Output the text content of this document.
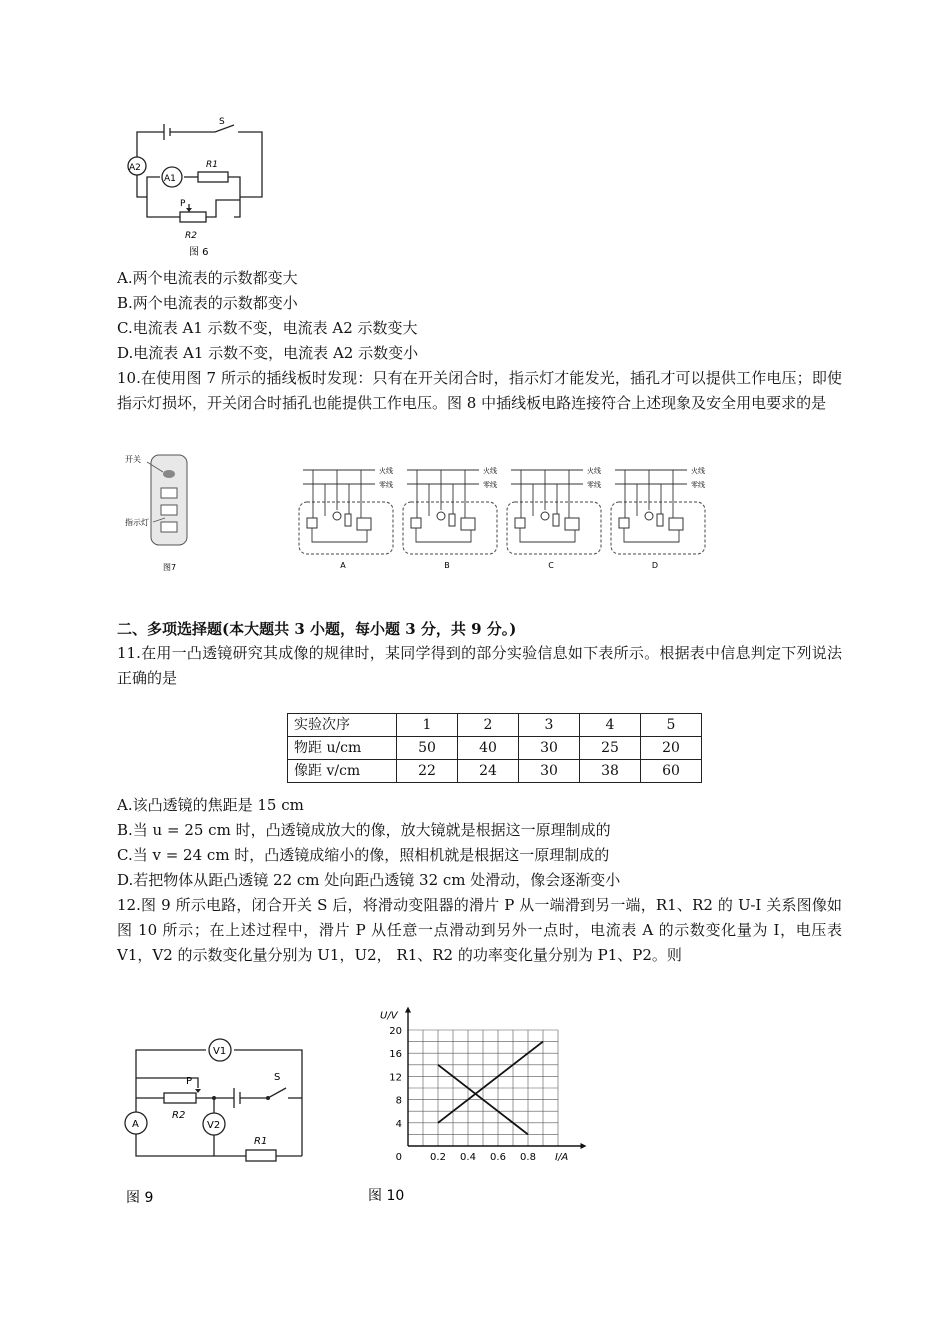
A2
A1
S
R1
P
R2
图 6
A.两个电流表的示数都变大
B.两个电流表的示数都变小
C.电流表 A1 示数不变，电流表 A2 示数变大
D.电流表 A1 示数不变，电流表 A2 示数变小
10.在使用图 7 所示的插线板时发现：只有在开关闭合时，指示灯才能发光，插孔才可以提供工作电压；即使指示灯损坏，开关闭合时插孔也能提供工作电压。图 8 中插线板电路连接符合上述现象及安全用电要求的是
开关
指示灯
图7
火线
零线
A
火线
零线
B
火线
零线
C
火线
零线
D
二、多项选择题(本大题共 3 小题，每小题 3 分，共 9 分。)
11.在用一凸透镜研究其成像的规律时，某同学得到的部分实验信息如下表所示。根据表中信息判定下列说法正确的是
实验次序	1	2	3	4	5
物距 u/cm	50	40	30	25	20
像距 v/cm	22	24	30	38	60
A.该凸透镜的焦距是 15 cm
B.当 u = 25 cm 时，凸透镜成放大的像，放大镜就是根据这一原理制成的
C.当 v = 24 cm 时，凸透镜成缩小的像，照相机就是根据这一原理制成的
D.若把物体从距凸透镜 22 cm 处向距凸透镜 32 cm 处滑动，像会逐渐变小
12.图 9 所示电路，闭合开关 S 后，将滑动变阻器的滑片 P 从一端滑到另一端，R1、R2 的 U-I 关系图像如图 10 所示；在上述过程中，滑片 P 从任意一点滑动到另外一点时，电流表 A 的示数变化量为 I，电压表 V1，V2 的示数变化量分别为 U1，U2， R1、R2 的功率变化量分别为 P1、P2。则
V1
A	V2
P
R2
S
R1
图 9
0.2 0.4 0.6 0.8
4
8
12
16
20
0	I/A
U/V
图 10
